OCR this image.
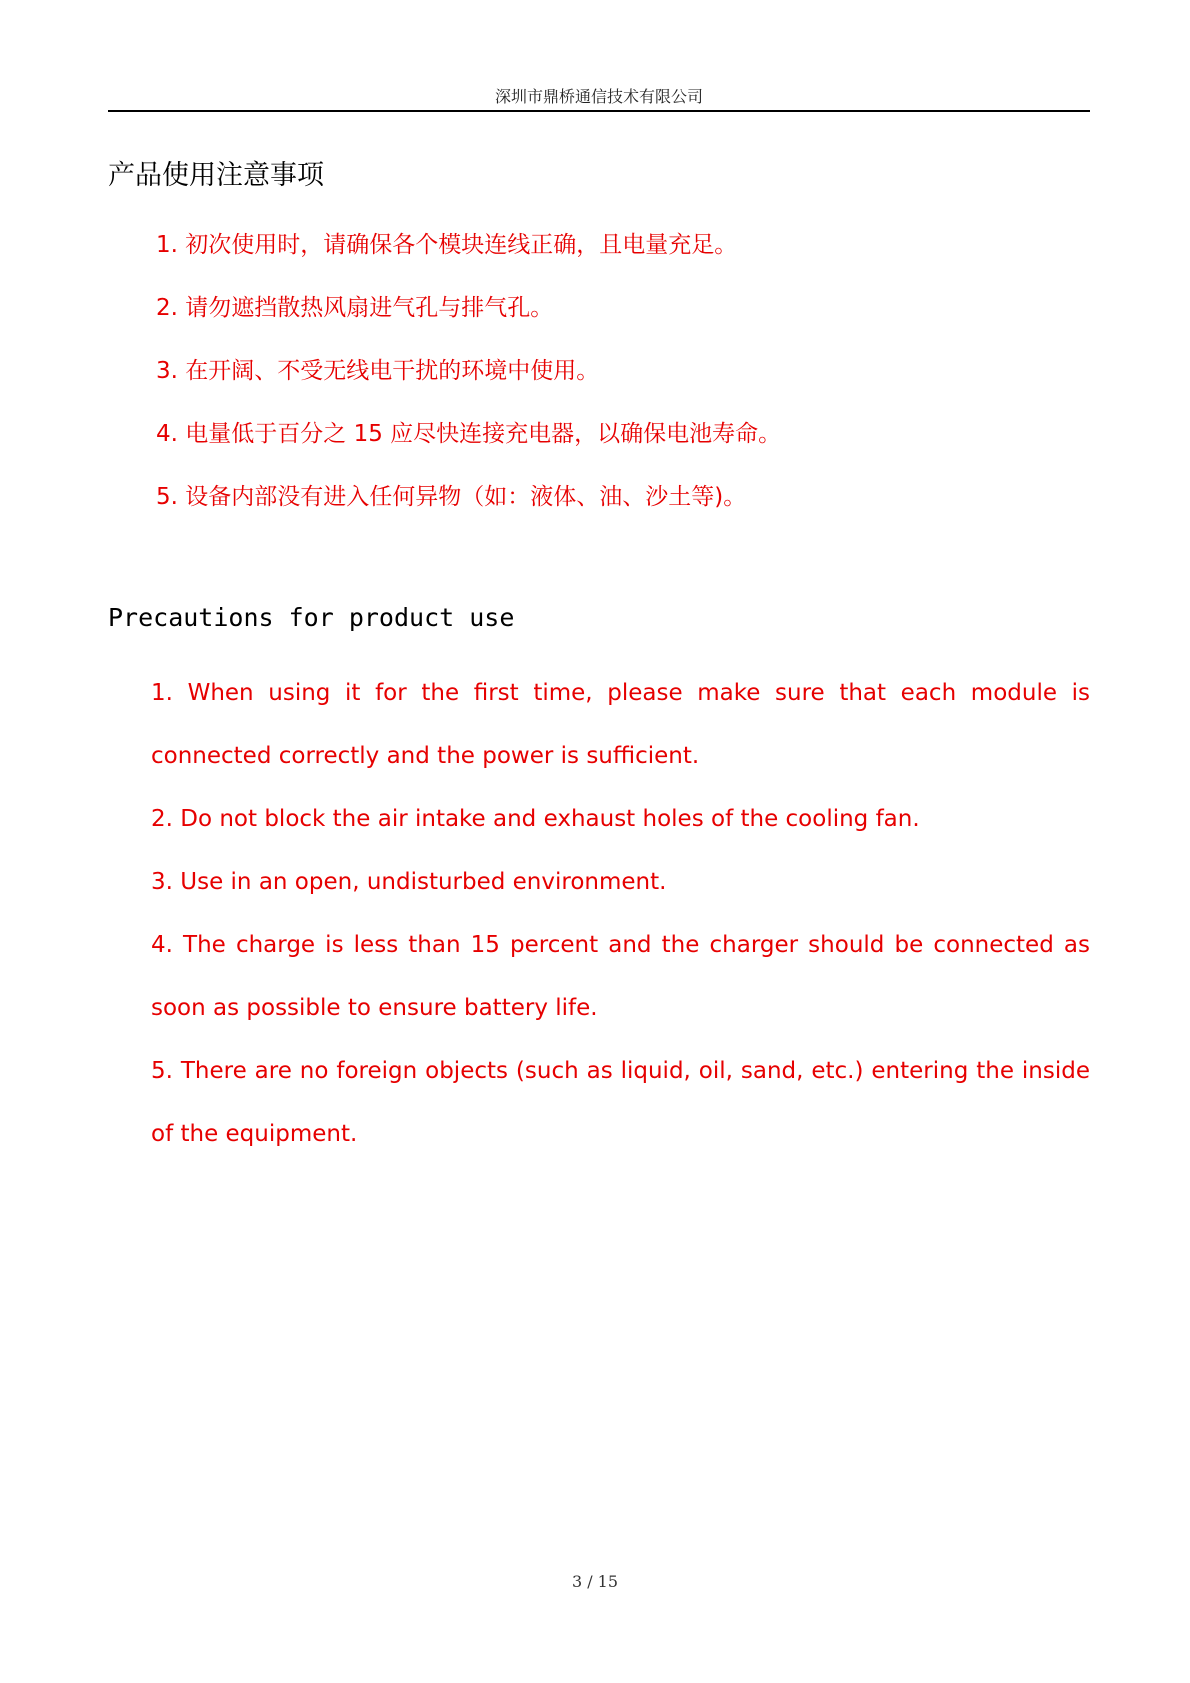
深圳市鼎桥通信技术有限公司
产品使用注意事项
1. 初次使用时，请确保各个模块连线正确，且电量充足。
2. 请勿遮挡散热风扇进气孔与排气孔。
3. 在开阔、不受无线电干扰的环境中使用。
4. 电量低于百分之 15 应尽快连接充电器，以确保电池寿命。
5. 设备内部没有进入任何异物（如：液体、油、沙土等)。
Precautions for product use
1. When using it for the first time, please make sure that each module is connected correctly and the power is sufficient.
2. Do not block the air intake and exhaust holes of the cooling fan.
3. Use in an open, undisturbed environment.
4. The charge is less than 15 percent and the charger should be connected as soon as possible to ensure battery life.
5. There are no foreign objects (such as liquid, oil, sand, etc.) entering the inside of the equipment.
3 / 15
